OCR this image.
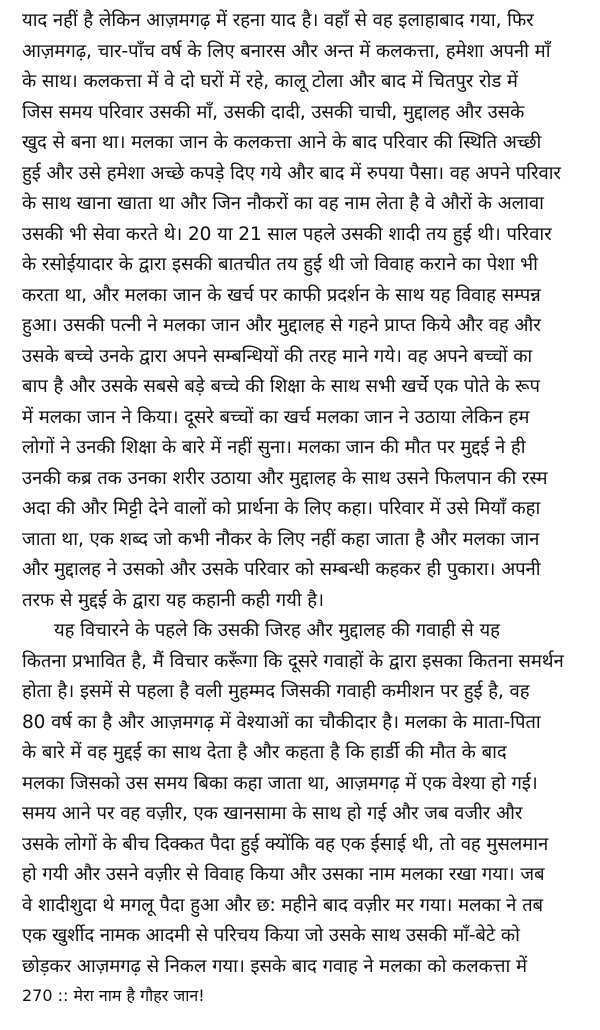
याद नहीं है लेकिन आज़मगढ़ में रहना याद है। वहाँ से वह इलाहाबाद गया, फिर
आज़मगढ़, चार-पाँच वर्ष के लिए बनारस और अन्त में कलकत्ता, हमेशा अपनी माँ
के साथ। कलकत्ता में वे दो घरों में रहे, कालू टोला और बाद में चितपुर रोड में
जिस समय परिवार उसकी माँ, उसकी दादी, उसकी चाची, मुद्दालह और उसके
खुद से बना था। मलका जान के कलकत्ता आने के बाद परिवार की स्थिति अच्छी
हुई और उसे हमेशा अच्छे कपड़े दिए गये और बाद में रुपया पैसा। वह अपने परिवार
के साथ खाना खाता था और जिन नौकरों का वह नाम लेता है वे औरों के अलावा
उसकी भी सेवा करते थे। 20 या 21 साल पहले उसकी शादी तय हुई थी। परिवार
के रसोईयादार के द्वारा इसकी बातचीत तय हुई थी जो विवाह कराने का पेशा भी
करता था, और मलका जान के खर्च पर काफी प्रदर्शन के साथ यह विवाह सम्पन्न
हुआ। उसकी पत्नी ने मलका जान और मुद्दालह से गहने प्राप्त किये और वह और
उसके बच्चे उनके द्वारा अपने सम्बन्धियों की तरह माने गये। वह अपने बच्चों का
बाप है और उसके सबसे बड़े बच्चे की शिक्षा के साथ सभी खर्चे एक पोते के रूप
में मलका जान ने किया। दूसरे बच्चों का खर्च मलका जान ने उठाया लेकिन हम
लोगों ने उनकी शिक्षा के बारे में नहीं सुना। मलका जान की मौत पर मुद्दई ने ही
उनकी कब्र तक उनका शरीर उठाया और मुद्दालह के साथ उसने फिलपान की रस्म
अदा की और मिट्टी देने वालों को प्रार्थना के लिए कहा। परिवार में उसे मियाँ कहा
जाता था, एक शब्द जो कभी नौकर के लिए नहीं कहा जाता है और मलका जान
और मुद्दालह ने उसको और उसके परिवार को सम्बन्धी कहकर ही पुकारा। अपनी
तरफ से मुद्दई के द्वारा यह कहानी कही गयी है।

यह विचारने के पहले कि उसकी जिरह और मुद्दालह की गवाही से यह
कितना प्रभावित है, मैं विचार करूँगा कि दूसरे गवाहों के द्वारा इसका कितना समर्थन
होता है। इसमें से पहला है वली मुहम्मद जिसकी गवाही कमीशन पर हुई है, वह
80 वर्ष का है और आज़मगढ़ में वेश्याओं का चौकीदार है। मलका के माता-पिता
के बारे में वह मुद्दई का साथ देता है और कहता है कि हार्डी की मौत के बाद
मलका जिसको उस समय बिका कहा जाता था, आज़मगढ़ में एक वेश्या हो गई।
समय आने पर वह वज़ीर, एक खानसामा के साथ हो गई और जब वजीर और
उसके लोगों के बीच दिक्कत पैदा हुई क्योंकि वह एक ईसाई थी, तो वह मुसलमान
हो गयी और उसने वज़ीर से विवाह किया और उसका नाम मलका रखा गया। जब
वे शादीशुदा थे मगलू पैदा हुआ और छ: महीने बाद वज़ीर मर गया। मलका ने तब
एक खुर्शीद नामक आदमी से परिचय किया जो उसके साथ उसकी माँ-बेटे को
छोड़कर आज़मगढ़ से निकल गया। इसके बाद गवाह ने मलका को कलकत्ता में

270 :: मेरा नाम है गौहर जान!
